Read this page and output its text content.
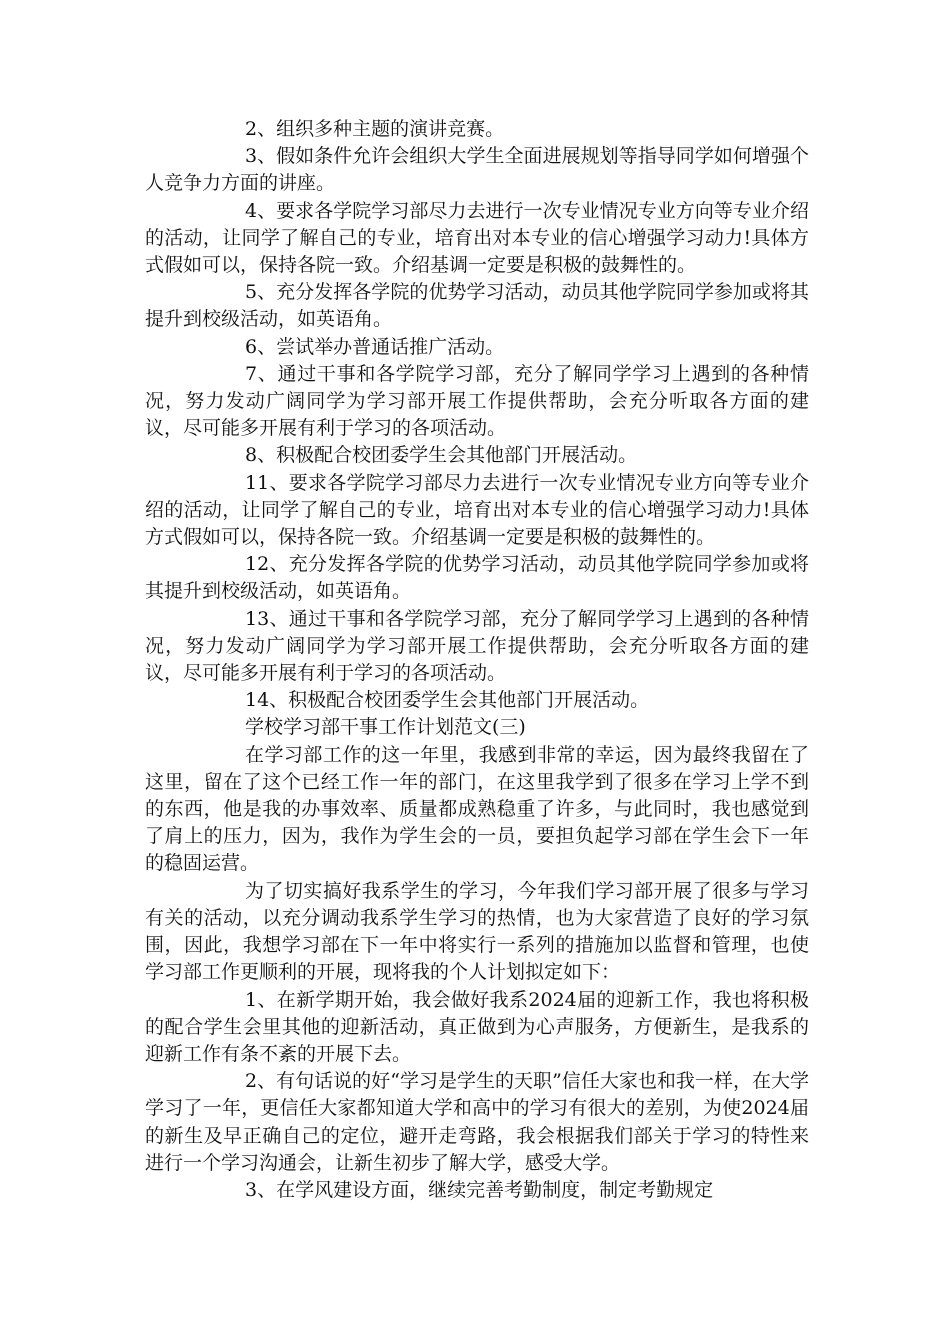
2、组织多种主题的演讲竞赛。

3、假如条件允许会组织大学生全面进展规划等指导同学如何增强个人竞争力方面的讲座。

4、要求各学院学习部尽力去进行一次专业情况专业方向等专业介绍的活动，让同学了解自己的专业，培育出对本专业的信心增强学习动力!具体方式假如可以，保持各院一致。介绍基调一定要是积极的鼓舞性的。

5、充分发挥各学院的优势学习活动，动员其他学院同学参加或将其提升到校级活动，如英语角。

6、尝试举办普通话推广活动。

7、通过干事和各学院学习部，充分了解同学学习上遇到的各种情况，努力发动广阔同学为学习部开展工作提供帮助，会充分听取各方面的建议，尽可能多开展有利于学习的各项活动。

8、积极配合校团委学生会其他部门开展活动。

11、要求各学院学习部尽力去进行一次专业情况专业方向等专业介绍的活动，让同学了解自己的专业，培育出对本专业的信心增强学习动力!具体方式假如可以，保持各院一致。介绍基调一定要是积极的鼓舞性的。

12、充分发挥各学院的优势学习活动，动员其他学院同学参加或将其提升到校级活动，如英语角。

13、通过干事和各学院学习部，充分了解同学学习上遇到的各种情况，努力发动广阔同学为学习部开展工作提供帮助，会充分听取各方面的建议，尽可能多开展有利于学习的各项活动。

14、积极配合校团委学生会其他部门开展活动。

学校学习部干事工作计划范文(三)

在学习部工作的这一年里，我感到非常的幸运，因为最终我留在了这里，留在了这个已经工作一年的部门，在这里我学到了很多在学习上学不到的东西，他是我的办事效率、质量都成熟稳重了许多，与此同时，我也感觉到了肩上的压力，因为，我作为学生会的一员，要担负起学习部在学生会下一年的稳固运营。

为了切实搞好我系学生的学习，今年我们学习部开展了很多与学习有关的活动，以充分调动我系学生学习的热情，也为大家营造了良好的学习氛围，因此，我想学习部在下一年中将实行一系列的措施加以监督和管理，也使学习部工作更顺利的开展，现将我的个人计划拟定如下：

1、在新学期开始，我会做好我系2024届的迎新工作，我也将积极的配合学生会里其他的迎新活动，真正做到为心声服务，方便新生，是我系的迎新工作有条不紊的开展下去。

2、有句话说的好“学习是学生的天职”信任大家也和我一样，在大学学习了一年，更信任大家都知道大学和高中的学习有很大的差别，为使2024届的新生及早正确自己的定位，避开走弯路，我会根据我们部关于学习的特性来进行一个学习沟通会，让新生初步了解大学，感受大学。

3、在学风建设方面，继续完善考勤制度，制定考勤规定
